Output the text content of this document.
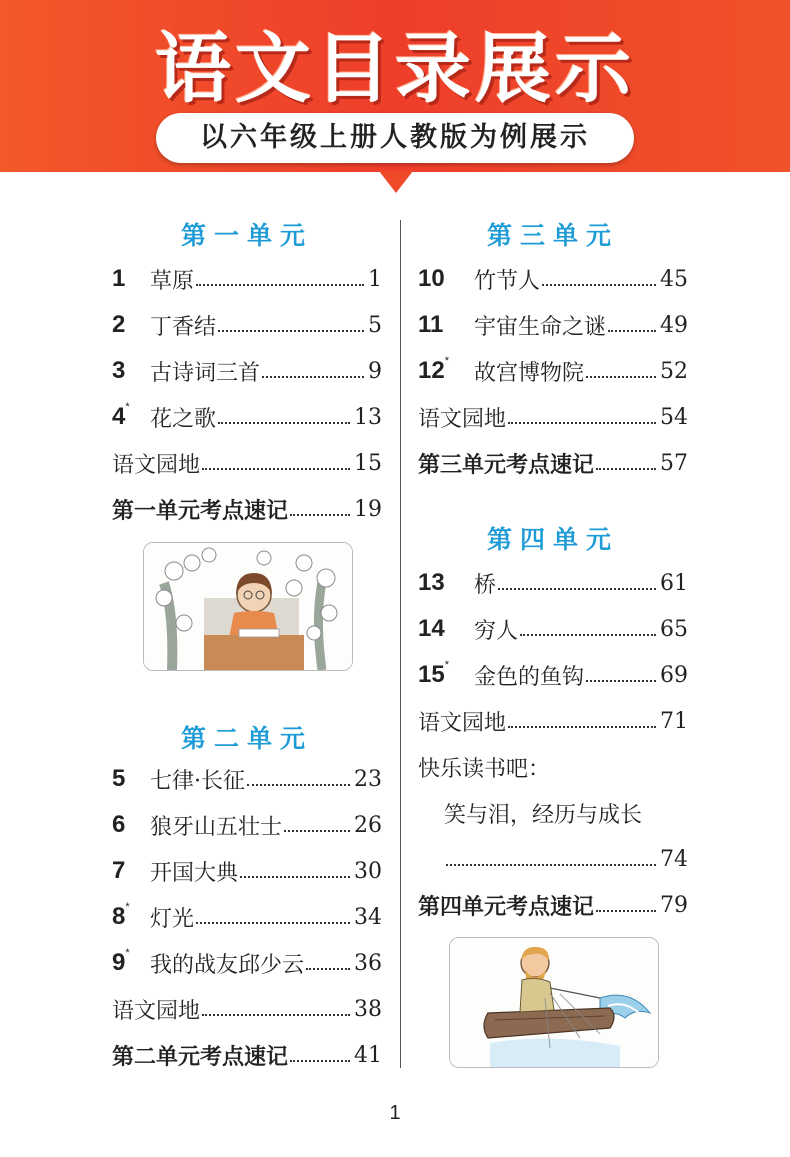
语文目录展示
以六年级上册人教版为例展示
第一单元
1	草原	1
2	丁香结	5
3	古诗词三首	9
4* 花之歌	13
语文园地	15
第一单元考点速记	19
第二单元
5	七律·长征	23
6	狼牙山五壮士	26
7	开国大典	30
8* 灯光	34
9* 我的战友邱少云 36
语文园地	38
第二单元考点速记	41
第三单元
10	竹节人	45
11	宇宙生命之谜 49
12*	故宫博物院	52
语文园地	54
第三单元考点速记	57
第四单元
13	桥	61
14	穷人	65
15*	金色的鱼钩	69
语文园地	71
快乐读书吧：
笑与泪，经历与成长
74
第四单元考点速记	79
1
